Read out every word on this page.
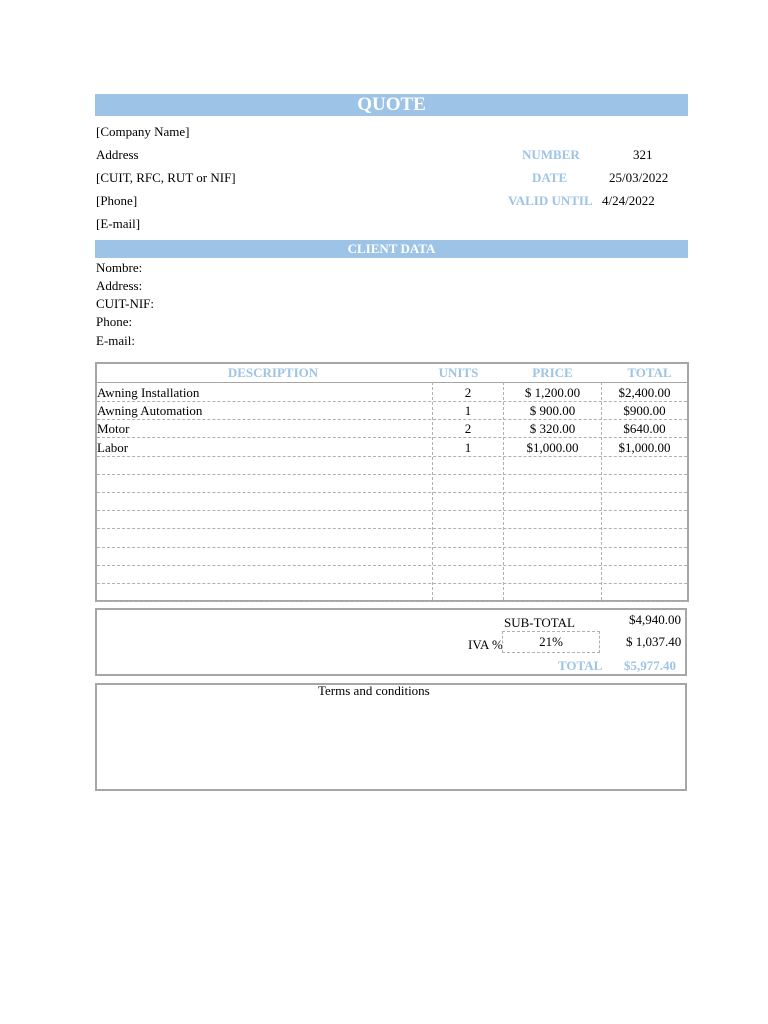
QUOTE
[Company Name]
Address
[CUIT, RFC, RUT or NIF]
[Phone]
[E-mail]
NUMBER	321
DATE	25/03/2022
VALID UNTIL 4/24/2022
CLIENT DATA
Nombre:
Address:
CUIT-NIF:
Phone:
E-mail:
DESCRIPTION	UNITS	PRICE	TOTAL
Awning Installation	2	$ 1,200.00	$2,400.00
Awning Automation	1	$ 900.00	$900.00
Motor	2	$ 320.00	$640.00
Labor	1	$1,000.00	$1,000.00
SUB-TOTAL	$4,940.00
IVA %	21%	$ 1,037.40
TOTAL $5,977.40
Terms and conditions
